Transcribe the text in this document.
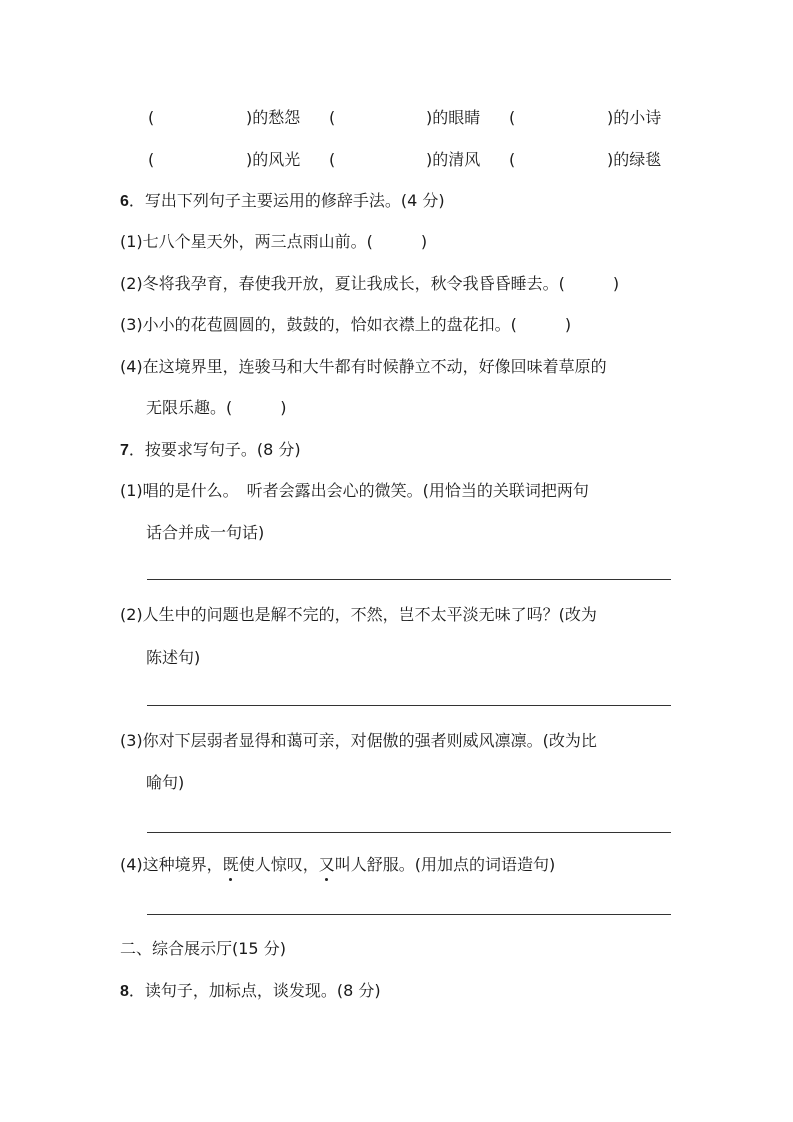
(	)的愁怨 (	)的眼睛 (	)的小诗
(	)的风光 (	)的清风 (	)的绿毯
6．写出下列句子主要运用的修辞手法。(4 分)
(1)七八个星天外，两三点雨山前。(　　　)
(2)冬将我孕育，春使我开放，夏让我成长，秋令我昏昏睡去。(　　　)
(3)小小的花苞圆圆的，鼓鼓的，恰如衣襟上的盘花扣。(　　　)
(4)在这境界里，连骏马和大牛都有时候静立不动，好像回味着草原的
无限乐趣。(　　　)
7．按要求写句子。(8 分)
(1)唱的是什么。　听者会露出会心的微笑。(用恰当的关联词把两句
话合并成一句话)
(2)人生中的问题也是解不完的，不然，岂不太平淡无味了吗？(改为
陈述句)
(3)你对下层弱者显得和蔼可亲，对倨傲的强者则威风凛凛。(改为比
喻句)
(4)这种境界，既使人惊叹，又叫人舒服。(用加点的词语造句)
二、综合展示厅(15 分)
8．读句子，加标点，谈发现。(8 分)
